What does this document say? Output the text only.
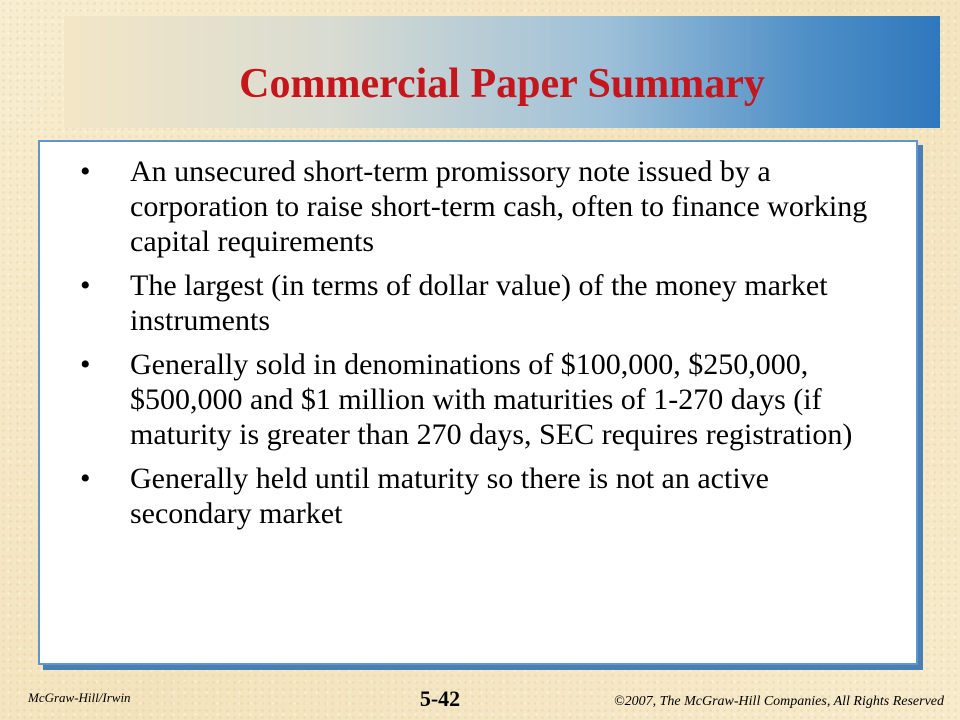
Commercial Paper Summary
•	An unsecured short-term promissory note issued by a corporation to raise short-term cash, often to finance working capital requirements
•	The largest (in terms of dollar value) of the money market instruments
•	Generally sold in denominations of $100,000, $250,000, $500,000 and $1 million with maturities of 1-270 days (if maturity is greater than 270 days, SEC requires registration)
•	Generally held until maturity so there is not an active secondary market
McGraw-Hill/Irwin	5-42	©2007, The McGraw-Hill Companies, All Rights Reserved
